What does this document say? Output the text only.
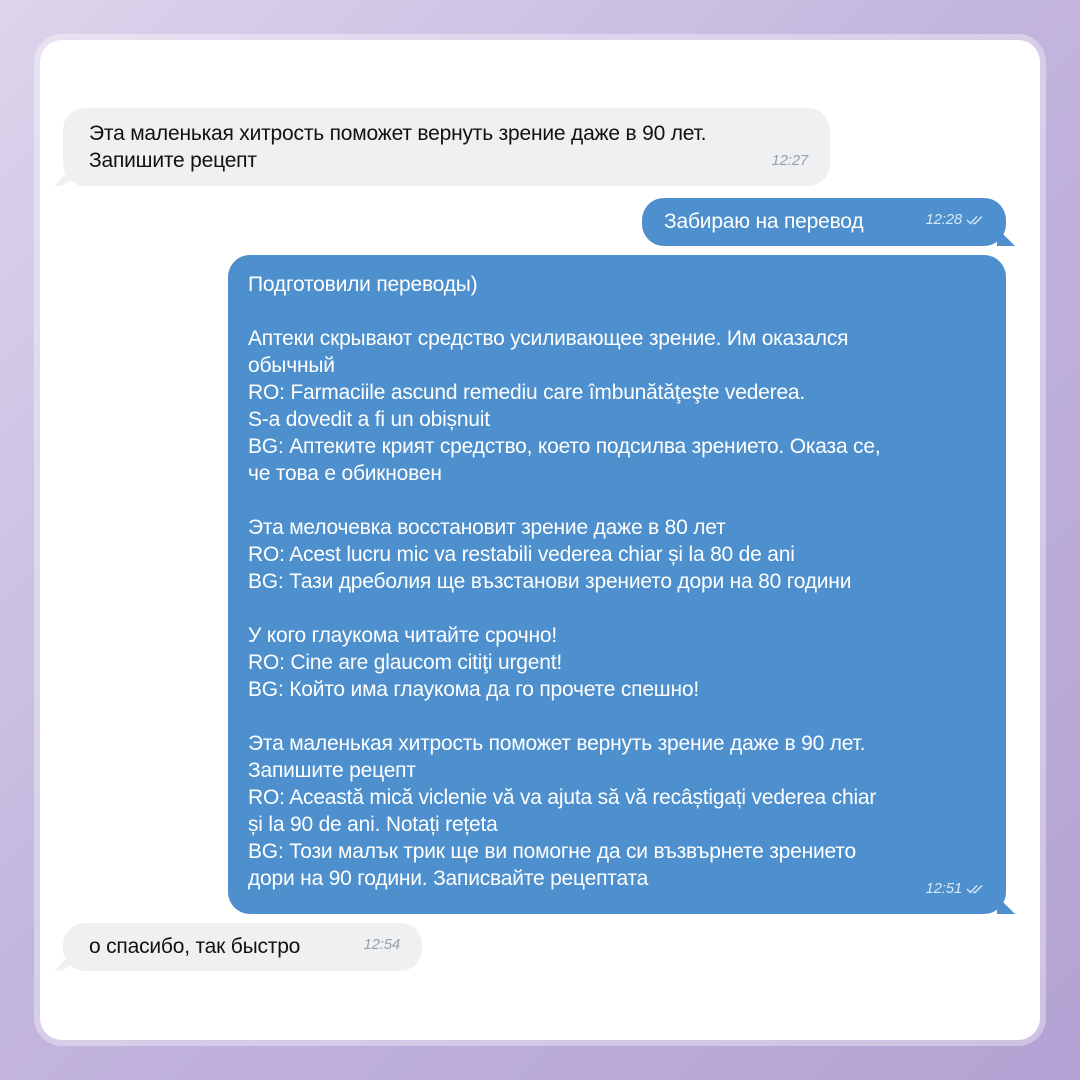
Эта маленькая хитрость поможет вернуть зрение даже в 90 лет.
Запишите рецепт	12:27
Забираю на перевод	12:28
Подготовили переводы)
Аптеки скрывают средство усиливающее зрение. Им оказался
обычный
RO: Farmaciile ascund remediu care îmbunătăţeşte vederea.
S-a dovedit a fi un obișnuit
BG: Аптеките крият средство, което подсилва зрението. Оказа се,
че това е обикновен
Эта мелочевка восстановит зрение даже в 80 лет
RO: Acest lucru mic va restabili vederea chiar și la 80 de ani
BG: Тази дреболия ще възстанови зрението дори на 80 години
У кого глаукома читайте срочно!
RO: Cine are glaucom citiţi urgent!
BG: Който има глаукома да го прочете спешно!
Эта маленькая хитрость поможет вернуть зрение даже в 90 лет.
Запишите рецепт
RO: Această mică viclenie vă va ajuta să vă recâștigați vederea chiar
și la 90 de ani. Notați rețeta
BG: Този малък трик ще ви помогне да си възвърнете зрението
дори на 90 години. Записвайте рецептата	12:51
о спасибо, так быстро	12:54
